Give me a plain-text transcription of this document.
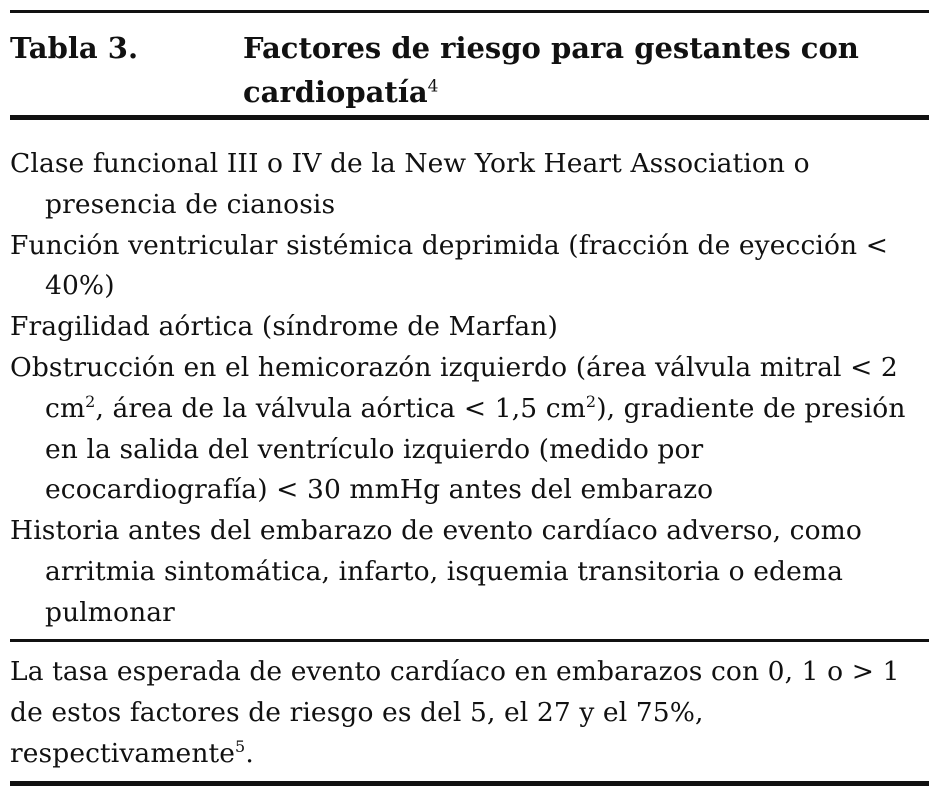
Tabla 3.	Factores de riesgo para gestantes con cardiopatía$^4$
Clase funcional III o IV de la New York Heart Association o presencia de cianosis
Función ventricular sistémica deprimida (fracción de eyección < 40%)
Fragilidad aórtica (síndrome de Marfan)
Obstrucción en el hemicorazón izquierdo (área válvula mitral < 2 $cm^2$, área de la válvula aórtica < 1,5 $cm^2$), gradiente de presión en la salida del ventrículo izquierdo (medido por ecocardiografía) < 30 mmHg antes del embarazo
Historia antes del embarazo de evento cardíaco adverso, como arritmia sintomática, infarto, isquemia transitoria o edema pulmonar
La tasa esperada de evento cardíaco en embarazos con 0, 1 o > 1 de estos factores de riesgo es del 5, el 27 y el 75%, respectivamente$^5$.
